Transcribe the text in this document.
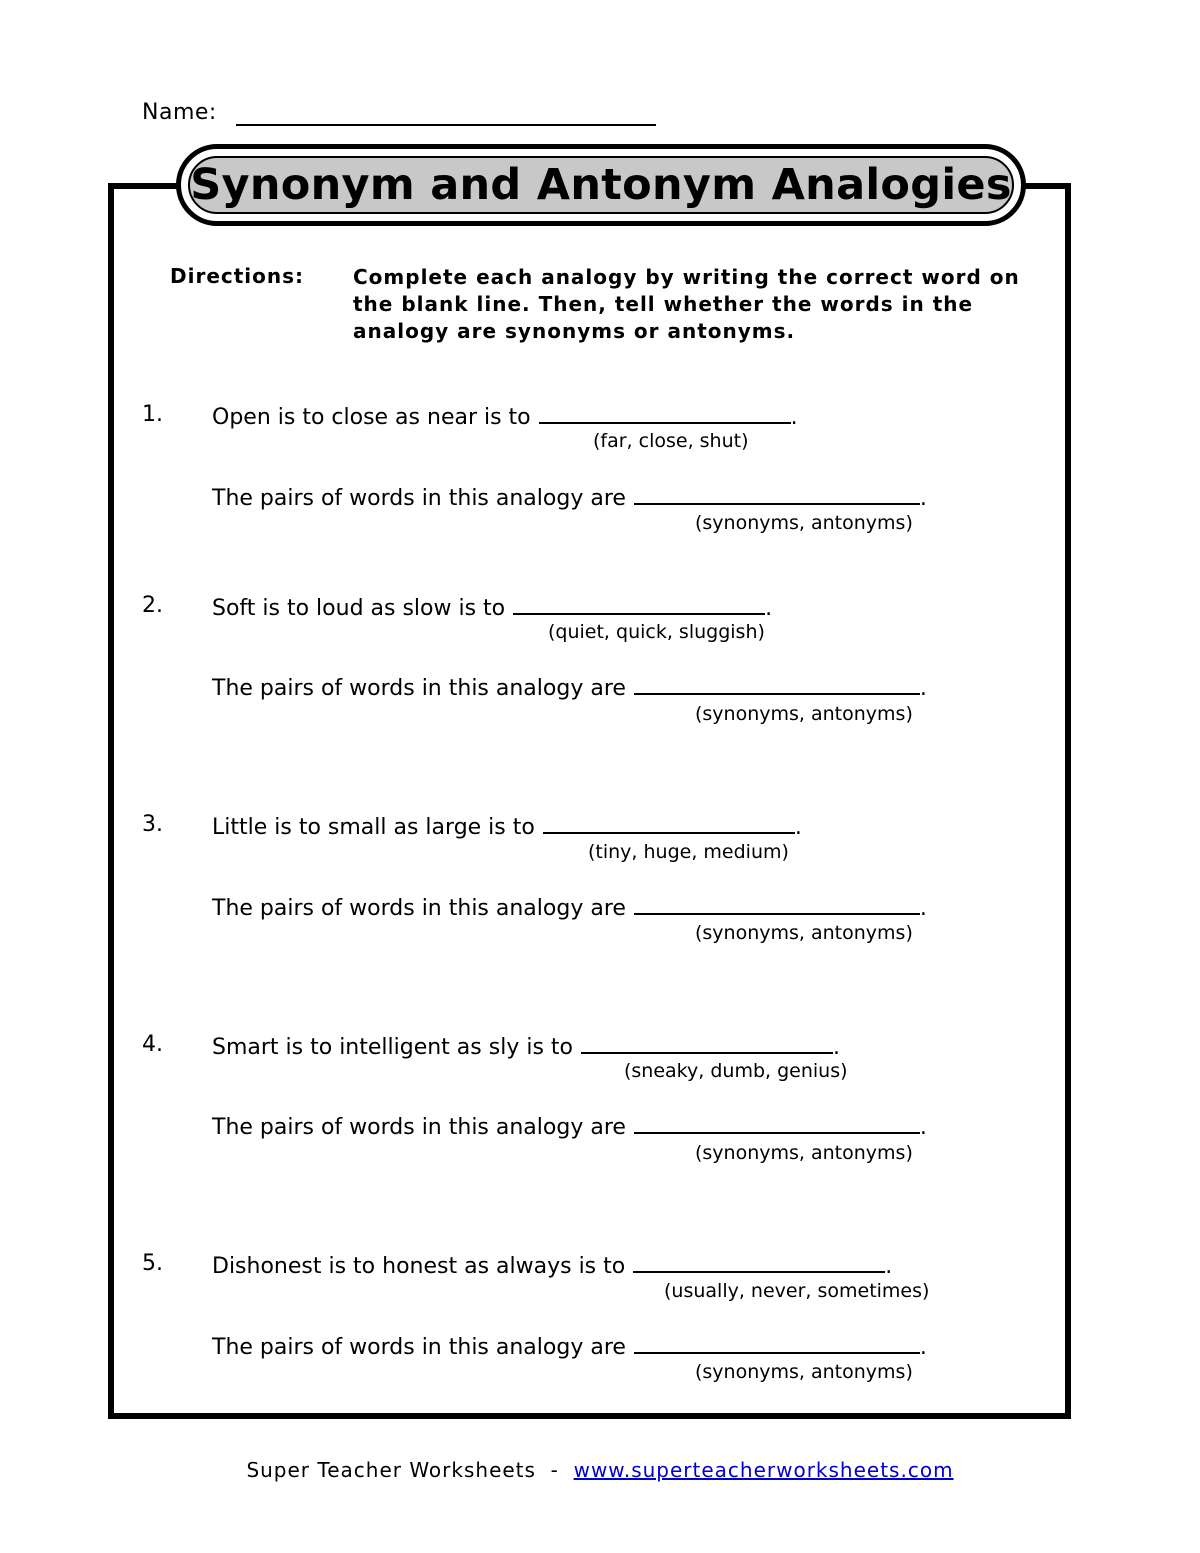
Name:
Synonym and Antonym Analogies
Directions: Complete each analogy by writing the correct word on the blank line. Then, tell whether the words in the analogy are synonyms or antonyms.
1. Open is to close as near is to	.
(far, close, shut)
The pairs of words in this analogy are	.
(synonyms, antonyms)
2. Soft is to loud as slow is to	.
(quiet, quick, sluggish)
The pairs of words in this analogy are	.
(synonyms, antonyms)
3. Little is to small as large is to	.
(tiny, huge, medium)
The pairs of words in this analogy are	.
(synonyms, antonyms)
4. Smart is to intelligent as sly is to	.
(sneaky, dumb, genius)
The pairs of words in this analogy are	.
(synonyms, antonyms)
5. Dishonest is to honest as always is to	.
(usually, never, sometimes)
The pairs of words in this analogy are	.
(synonyms, antonyms)
Super Teacher Worksheets  -  www.superteacherworksheets.com
